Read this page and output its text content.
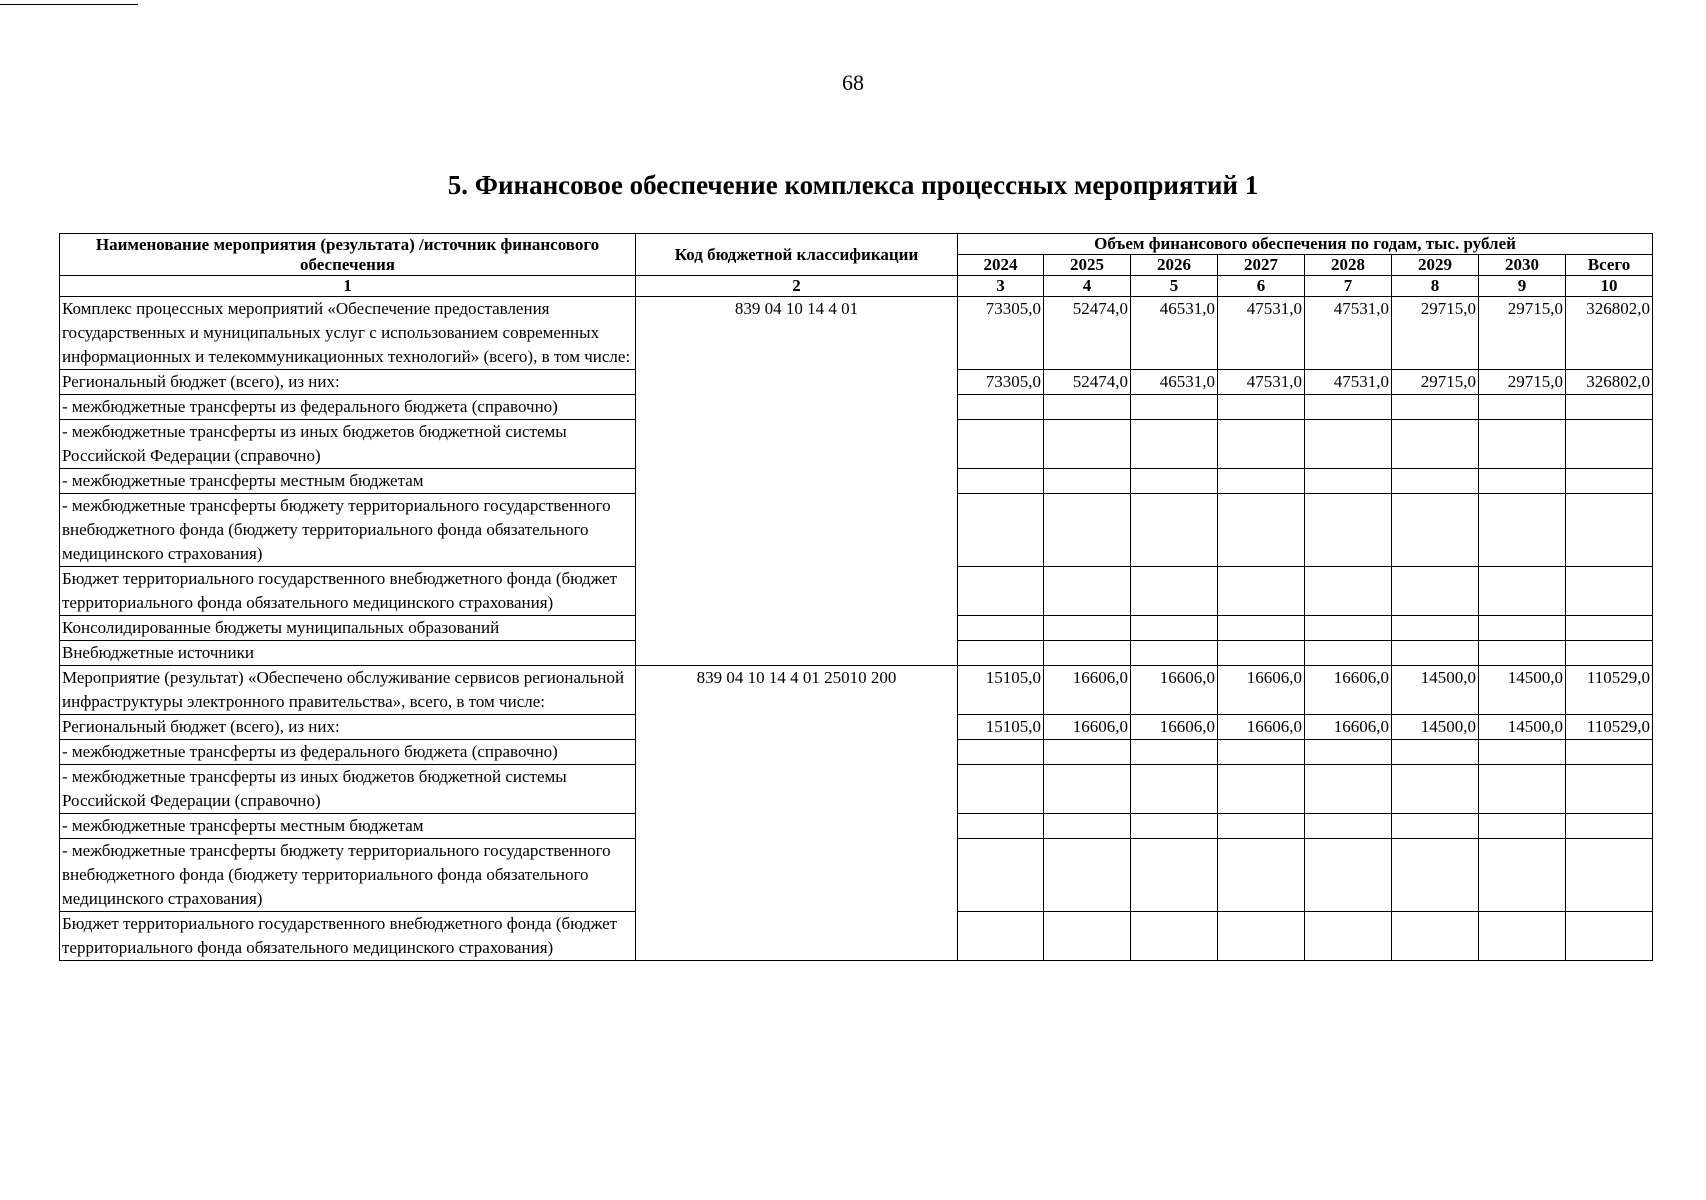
68
5. Финансовое обеспечение комплекса процессных мероприятий 1
Наименование мероприятия (результата) /источник финансового обеспечения	Код бюджетной классификации	Объем финансового обеспечения по годам, тыс. рублей							
		2024	2025	2026	2027	2028	2029	2030	Всего
1	2	3	4	5	6	7	8	9	10
Комплекс процессных мероприятий «Обеспечение предоставления государственных и муниципальных услуг с использованием современных информационных и телекоммуникационных технологий» (всего), в том числе:	839 04 10 14 4 01	73305,0	52474,0	46531,0	47531,0	47531,0	29715,0	29715,0	326802,0
Региональный бюджет (всего), из них:		73305,0	52474,0	46531,0	47531,0	47531,0	29715,0	29715,0	326802,0
- межбюджетные трансферты из федерального бюджета (справочно)									
- межбюджетные трансферты из иных бюджетов бюджетной системы Российской Федерации (справочно)									
- межбюджетные трансферты местным бюджетам									
- межбюджетные трансферты бюджету территориального государственного внебюджетного фонда (бюджету территориального фонда обязательного медицинского страхования)									
Бюджет территориального государственного внебюджетного фонда (бюджет территориального фонда обязательного медицинского страхования)									
Консолидированные бюджеты муниципальных образований									
Внебюджетные источники									
Мероприятие (результат) «Обеспечено обслуживание сервисов региональной инфраструктуры электронного правительства», всего, в том числе:	839 04 10 14 4 01 25010 200	15105,0	16606,0	16606,0	16606,0	16606,0	14500,0	14500,0	110529,0
Региональный бюджет (всего), из них:		15105,0	16606,0	16606,0	16606,0	16606,0	14500,0	14500,0	110529,0
- межбюджетные трансферты из федерального бюджета (справочно)									
- межбюджетные трансферты из иных бюджетов бюджетной системы Российской Федерации (справочно)									
- межбюджетные трансферты местным бюджетам									
- межбюджетные трансферты бюджету территориального государственного внебюджетного фонда (бюджету территориального фонда обязательного медицинского страхования)									
Бюджет территориального государственного внебюджетного фонда (бюджет территориального фонда обязательного медицинского страхования)									
